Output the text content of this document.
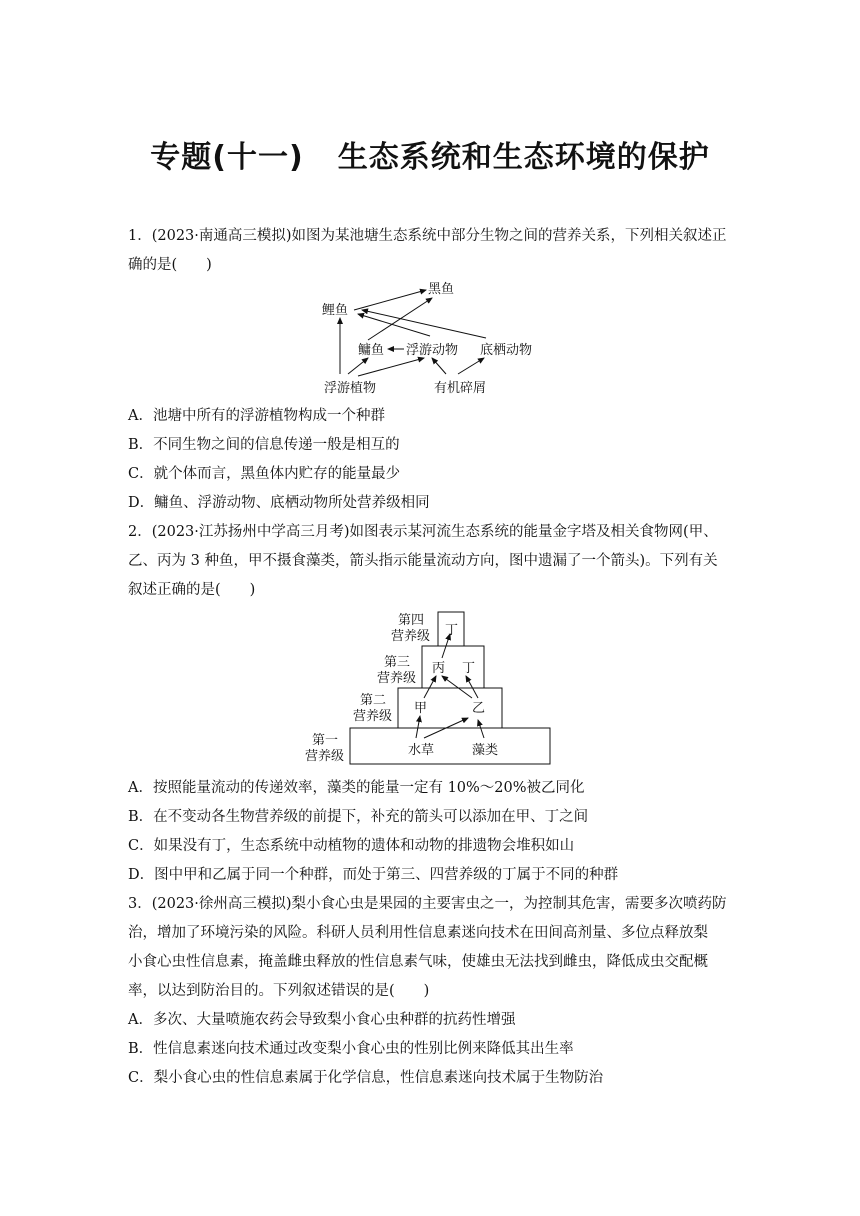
专题(十一) 生态系统和生态环境的保护
1．(2023·南通高三模拟)如图为某池塘生态系统中部分生物之间的营养关系，下列相关叙述正
确的是(　　)
黑鱼
鲤鱼
鳙鱼 浮游动物 底栖动物
浮游植物	有机碎屑
A．池塘中所有的浮游植物构成一个种群
B．不同生物之间的信息传递一般是相互的
C．就个体而言，黑鱼体内贮存的能量最少
D．鳙鱼、浮游动物、底栖动物所处营养级相同
2．(2023·江苏扬州中学高三月考)如图表示某河流生态系统的能量金字塔及相关食物网(甲、
乙、丙为 3 种鱼，甲不摄食藻类，箭头指示能量流动方向，图中遗漏了一个箭头)。下列有关
叙述正确的是(　　)
第四
营养级
第三
营养级
第二
营养级
第一
营养级
丁
丙 丁
甲	乙
水草	藻类
A．按照能量流动的传递效率，藻类的能量一定有 10%～20%被乙同化
B．在不变动各生物营养级的前提下，补充的箭头可以添加在甲、丁之间
C．如果没有丁，生态系统中动植物的遗体和动物的排遗物会堆积如山
D．图中甲和乙属于同一个种群，而处于第三、四营养级的丁属于不同的种群
3．(2023·徐州高三模拟)梨小食心虫是果园的主要害虫之一，为控制其危害，需要多次喷药防
治，增加了环境污染的风险。科研人员利用性信息素迷向技术在田间高剂量、多位点释放梨
小食心虫性信息素，掩盖雌虫释放的性信息素气味，使雄虫无法找到雌虫，降低成虫交配概
率，以达到防治目的。下列叙述错误的是(　　)
A．多次、大量喷施农药会导致梨小食心虫种群的抗药性增强
B．性信息素迷向技术通过改变梨小食心虫的性别比例来降低其出生率
C．梨小食心虫的性信息素属于化学信息，性信息素迷向技术属于生物防治
